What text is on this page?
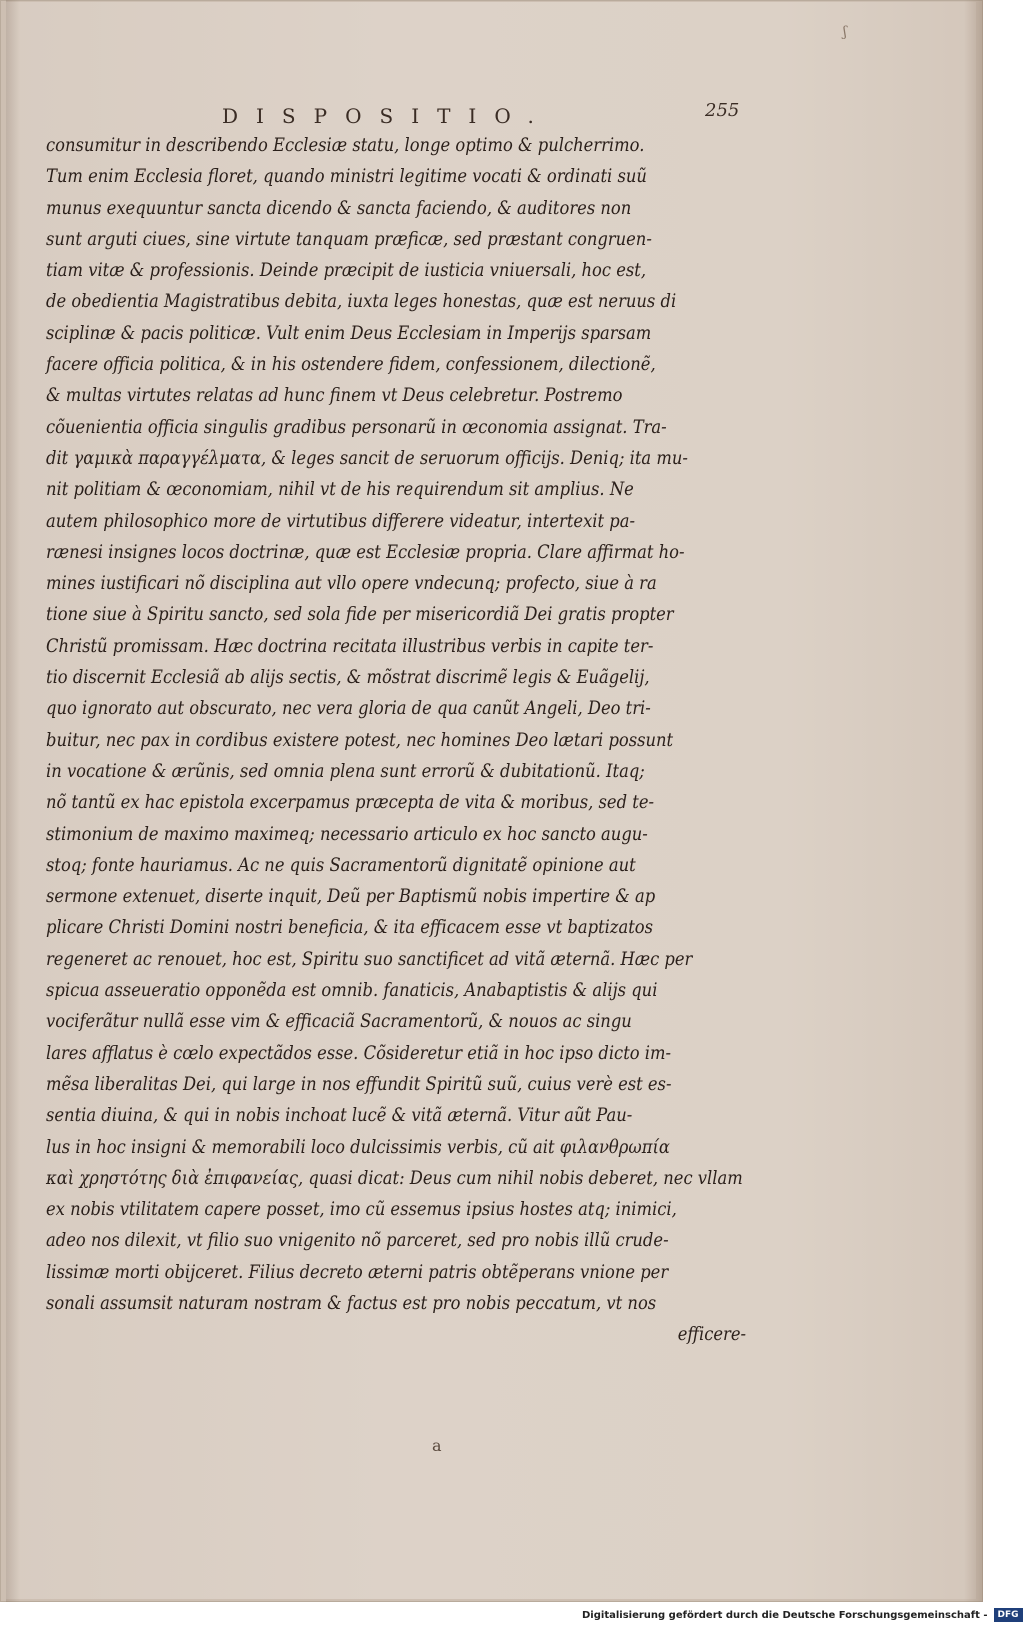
ʃ
DISPOSITIO.	255
consumitur in describendo Ecclesiæ statu, longe optimo & pulcherrimo.
Tum enim Ecclesia floret, quando ministri legitime vocati & ordinati suũ
munus exequuntur sancta dicendo & sancta faciendo, & auditores non
sunt arguti ciues, sine virtute tanquam præficæ, sed præstant congruen-
tiam vitæ & professionis. Deinde præcipit de iusticia vniuersali, hoc est,
de obedientia Magistratibus debita, iuxta leges honestas, quæ est neruus di
sciplinæ & pacis politicæ. Vult enim Deus Ecclesiam in Imperijs sparsam
facere officia politica, & in his ostendere fidem, confessionem, dilectionẽ,
& multas virtutes relatas ad hunc finem vt Deus celebretur. Postremo
cõuenientia officia singulis gradibus personarũ in œconomia assignat. Tra-
dit γαμικὰ παραγγέλματα, & leges sancit de seruorum officijs. Deniq; ita mu-
nit politiam & œconomiam, nihil vt de his requirendum sit amplius. Ne
autem philosophico more de virtutibus differere videatur, intertexit pa-
rænesi insignes locos doctrinæ, quæ est Ecclesiæ propria. Clare affirmat ho-
mines iustificari nõ disciplina aut vllo opere vndecunq; profecto, siue à ra
tione siue à Spiritu sancto, sed sola fide per misericordiã Dei gratis propter
Christũ promissam. Hæc doctrina recitata illustribus verbis in capite ter-
tio discernit Ecclesiã ab alijs sectis, & mõstrat discrimẽ legis & Euãgelij,
quo ignorato aut obscurato, nec vera gloria de qua canũt Angeli, Deo tri-
buitur, nec pax in cordibus existere potest, nec homines Deo lætari possunt
in vocatione & ærũnis, sed omnia plena sunt errorũ & dubitationũ. Itaq;
nõ tantũ ex hac epistola excerpamus præcepta de vita & moribus, sed te-
stimonium de maximo maximeq; necessario articulo ex hoc sancto augu-
stoq; fonte hauriamus. Ac ne quis Sacramentorũ dignitatẽ opinione aut
sermone extenuet, diserte inquit, Deũ per Baptismũ nobis impertire & ap
plicare Christi Domini nostri beneficia, & ita efficacem esse vt baptizatos
regeneret ac renouet, hoc est, Spiritu suo sanctificet ad vitã æternã. Hæc per
spicua asseueratio opponẽda est omnib. fanaticis, Anabaptistis & alijs qui
vociferãtur nullã esse vim & efficaciã Sacramentorũ, & nouos ac singu
lares afflatus è cœlo expectãdos esse. Cõsideretur etiã in hoc ipso dicto im-
mẽsa liberalitas Dei, qui large in nos effundit Spiritũ suũ, cuius verè est es-
sentia diuina, & qui in nobis inchoat lucẽ & vitã æternã. Vitur aũt Pau-
lus in hoc insigni & memorabili loco dulcissimis verbis, cũ ait φιλανθρωπία
καὶ χρηστότης διὰ ἐπιφανείας, quasi dicat: Deus cum nihil nobis deberet, nec vllam
ex nobis vtilitatem capere posset, imo cũ essemus ipsius hostes atq; inimici,
adeo nos dilexit, vt filio suo vnigenito nõ parceret, sed pro nobis illũ crude-
lissimæ morti obijceret. Filius decreto æterni patris obtẽperans vnione per
sonali assumsit naturam nostram & factus est pro nobis peccatum, vt nos
efficere-
a
Digitalisierung gefördert durch die Deutsche Forschungsgemeinschaft -	DFG
